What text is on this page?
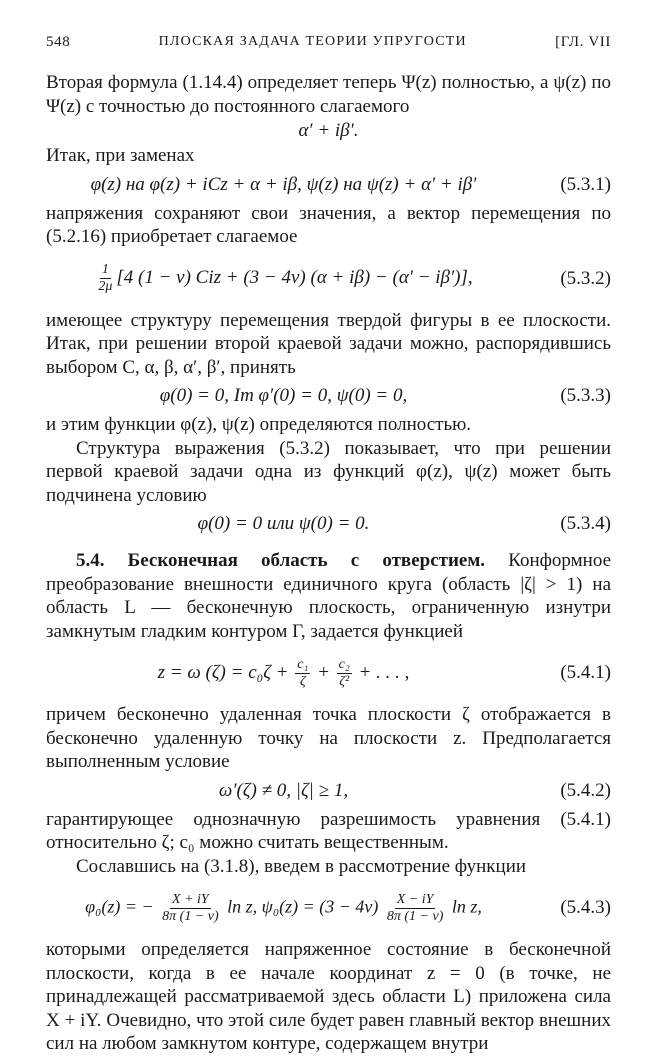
548	ПЛОСКАЯ ЗАДАЧА ТЕОРИИ УПРУГОСТИ	[ГЛ. VII

Вторая формула (1.14.4) определяет теперь Ψ(z) полностью, а ψ(z) по Ψ(z) с точностью до постоянного слагаемого

α′ + iβ′.

Итак, при заменах

φ(z) на φ(z) + iCz + α + iβ, ψ(z) на ψ(z) + α′ + iβ′	(5.3.1)

напряжения сохраняют свои значения, а вектор перемещения по (5.2.16) приобретает слагаемое

$\frac{1}{2\mu} [4$ (1 − ν) Ciz + (3 − 4ν) (α + iβ) − (α′ − iβ′)],	(5.3.2)

имеющее структуру перемещения твердой фигуры в ее плоскости. Итак, при решении второй краевой задачи можно, распорядившись выбором C, α, β, α′, β′, принять

φ(0) = 0, Im φ′(0) = 0, ψ(0) = 0,	(5.3.3)

и этим функции φ(z), ψ(z) определяются полностью.

Структура выражения (5.3.2) показывает, что при решении первой краевой задачи одна из функций φ(z), ψ(z) может быть подчинена условию

φ(0) = 0 или ψ(0) = 0.	(5.3.4)

5.4. Бесконечная область с отверстием. Конформное преобразование внешности единичного круга (область |ζ| > 1) на область L — бесконечную плоскость, ограниченную изнутри замкнутым гладким контуром Γ, задается функцией

z = ω $(\zeta) = c_0\zeta + \frac{\text{c₁}}{\zeta} + \frac{\text{c₂}}{\text{ζ²}}$ + . . . ,	(5.4.1)

причем бесконечно удаленная точка плоскости ζ отображается в бесконечно удаленную точку на плоскости z. Предполагается выполненным условие

ω′(ζ) ≠ 0, |ζ| ≥ 1,	(5.4.2)

гарантирующее однозначную разрешимость уравнения (5.4.1) относительно ζ; c₀ можно считать вещественным.

Сославшись на (3.1.8), введем в рассмотрение функции

φ₀(z) = − $\frac{X + iY}{8\pi (1 - \nu)}$ ln z, $\psi_0(z) = (3 - 4\nu) \frac{X - iY}{8\pi (1 - \nu)}$ ln z,	(5.4.3)

которыми определяется напряженное состояние в бесконечной плоскости, когда в ее начале координат z = 0 (в точке, не принадлежащей рассматриваемой здесь области L) приложена сила X + iY. Очевидно, что этой силе будет равен главный вектор внешних сил на любом замкнутом контуре, содержащем внутри
